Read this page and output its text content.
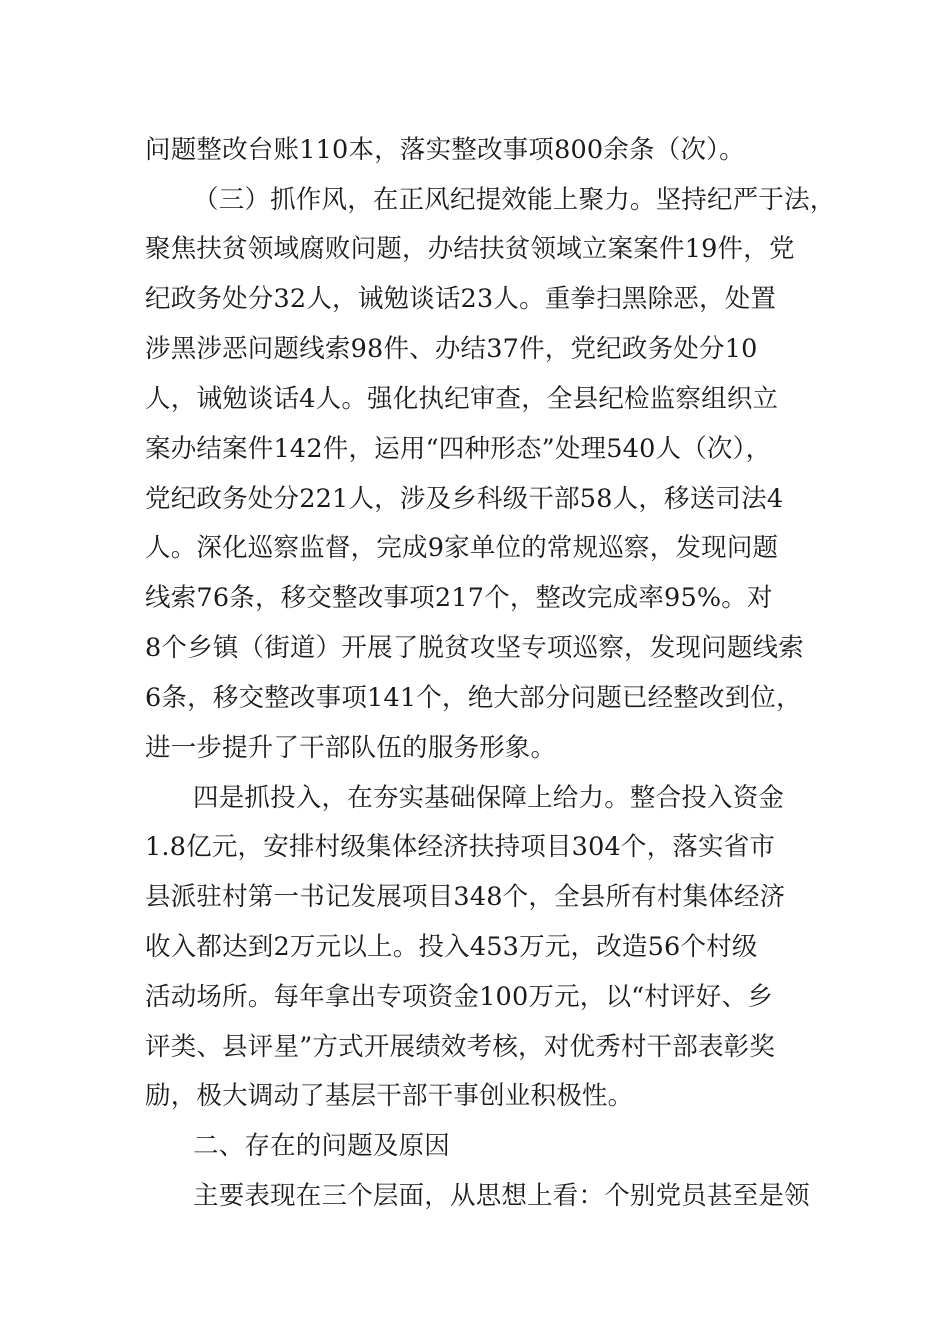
问题整改台账110本，落实整改事项800余条（次）。
（三）抓作风，在正风纪提效能上聚力。坚持纪严于法，
聚焦扶贫领域腐败问题，办结扶贫领域立案案件19件，党
纪政务处分32人，诫勉谈话23人。重拳扫黑除恶，处置
涉黑涉恶问题线索98件、办结37件，党纪政务处分10
人，诫勉谈话4人。强化执纪审查，全县纪检监察组织立
案办结案件142件，运用“四种形态”处理540人（次），
党纪政务处分221人，涉及乡科级干部58人，移送司法4
人。深化巡察监督，完成9家单位的常规巡察，发现问题
线索76条，移交整改事项217个，整改完成率95%。对
8个乡镇（街道）开展了脱贫攻坚专项巡察，发现问题线索
6条，移交整改事项141个，绝大部分问题已经整改到位，
进一步提升了干部队伍的服务形象。
四是抓投入，在夯实基础保障上给力。整合投入资金
1.8亿元，安排村级集体经济扶持项目304个，落实省市
县派驻村第一书记发展项目348个，全县所有村集体经济
收入都达到2万元以上。投入453万元，改造56个村级
活动场所。每年拿出专项资金100万元，以“村评好、乡
评类、县评星”方式开展绩效考核，对优秀村干部表彰奖
励，极大调动了基层干部干事创业积极性。
二、存在的问题及原因
主要表现在三个层面，从思想上看：个别党员甚至是领
